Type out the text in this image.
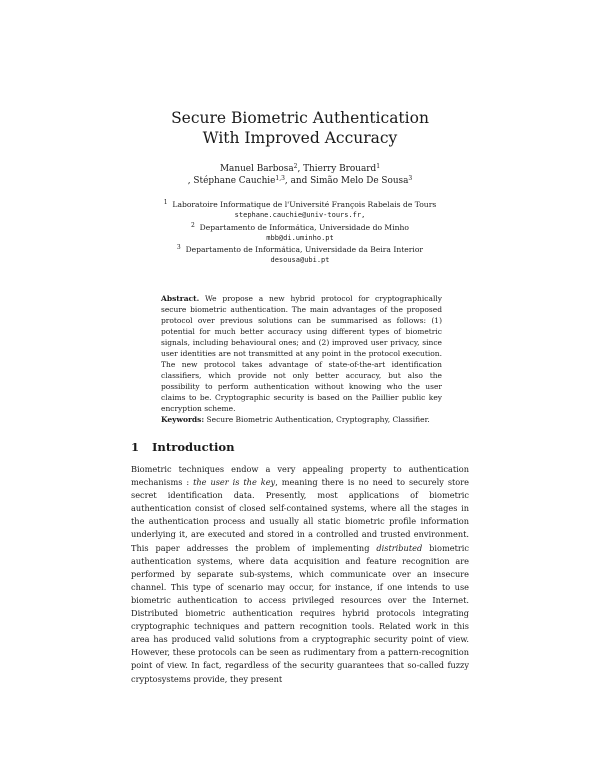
Secure Biometric Authentication
With Improved Accuracy
Manuel Barbosa$^2$, Thierry Brouard$^1$
, Stéphane Cauchie$^{1,3}$, and Simão Melo De Sousa$^3$
$^1$ Laboratoire Informatique de l'Université François Rabelais de Tours
stephane.cauchie@univ-tours.fr,
$^2$ Departamento de Informática, Universidade do Minho
mbb@di.uminho.pt
$^3$ Departamento de Informática, Universidade da Beira Interior
desousa@ubi.pt

Abstract. We propose a new hybrid protocol for cryptographically secure biometric authentication. The main advantages of the proposed protocol over previous solutions can be summarised as follows: (1) potential for much better accuracy using different types of biometric signals, including behavioural ones; and (2) improved user privacy, since user identities are not transmitted at any point in the protocol execution. The new protocol takes advantage of state-of-the-art identification classifiers, which provide not only better accuracy, but also the possibility to perform authentication without knowing who the user claims to be. Cryptographic security is based on the Paillier public key encryption scheme.

Keywords: Secure Biometric Authentication, Cryptography, Classifier.

1 Introduction

Biometric techniques endow a very appealing property to authentication mechanisms : the user is the key, meaning there is no need to securely store secret identification data. Presently, most applications of biometric authentication consist of closed self-contained systems, where all the stages in the authentication process and usually all static biometric profile information underlying it, are executed and stored in a controlled and trusted environment. This paper addresses the problem of implementing distributed biometric authentication systems, where data acquisition and feature recognition are performed by separate sub-systems, which communicate over an insecure channel. This type of scenario may occur, for instance, if one intends to use biometric authentication to access privileged resources over the Internet. Distributed biometric authentication requires hybrid protocols integrating cryptographic techniques and pattern recognition tools. Related work in this area has produced valid solutions from a cryptographic security point of view. However, these protocols can be seen as rudimentary from a pattern-recognition point of view. In fact, regardless of the security guarantees that so-called fuzzy cryptosystems provide, they present
